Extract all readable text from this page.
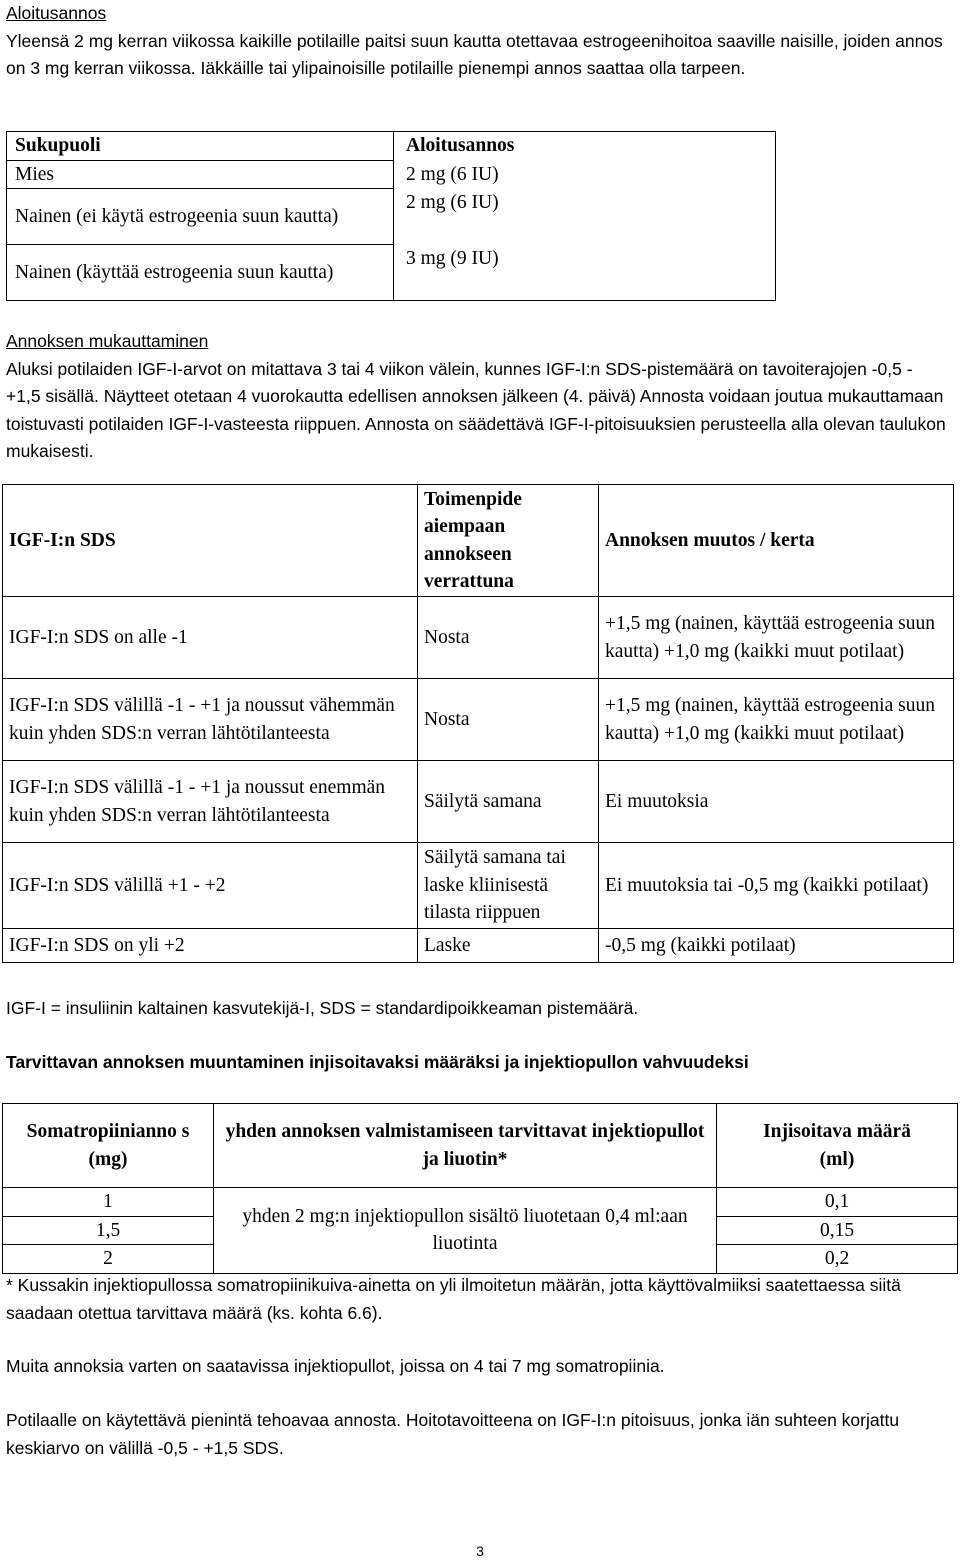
Aloitusannos
Yleensä 2 mg kerran viikossa kaikille potilaille paitsi suun kautta otettavaa estrogeenihoitoa saaville naisille, joiden annos on 3 mg kerran viikossa. Iäkkäille tai ylipainoisille potilaille pienempi annos saattaa olla tarpeen.
Sukupuoli	Aloitusannos
Mies	2 mg (6 IU)
Nainen (ei käytä estrogeenia suun kautta)	2 mg (6 IU)
Nainen (käyttää estrogeenia suun kautta)	3 mg (9 IU)
Annoksen mukauttaminen
Aluksi potilaiden IGF-I-arvot on mitattava 3 tai 4 viikon välein, kunnes IGF-I:n SDS-pistemäärä on tavoiterajojen -0,5 - +1,5 sisällä. Näytteet otetaan 4 vuorokautta edellisen annoksen jälkeen (4. päivä) Annosta voidaan joutua mukauttamaan toistuvasti potilaiden IGF-I-vasteesta riippuen. Annosta on säädettävä IGF-I-pitoisuuksien perusteella alla olevan taulukon mukaisesti.
IGF-I:n SDS	Toimenpide aiempaan annokseen verrattuna	Annoksen muutos / kerta
IGF-I:n SDS on alle -1	Nosta	+1,5 mg (nainen, käyttää estrogeenia suun kautta) +1,0 mg (kaikki muut potilaat)
IGF-I:n SDS välillä -1 - +1 ja noussut vähemmän kuin yhden SDS:n verran lähtötilanteesta	Nosta	+1,5 mg (nainen, käyttää estrogeenia suun kautta) +1,0 mg (kaikki muut potilaat)
IGF-I:n SDS välillä -1 - +1 ja noussut enemmän kuin yhden SDS:n verran lähtötilanteesta	Säilytä samana	Ei muutoksia
IGF-I:n SDS välillä +1 - +2	Säilytä samana tai laske kliinisestä tilasta riippuen	Ei muutoksia tai -0,5 mg (kaikki potilaat)
IGF-I:n SDS on yli +2	Laske	-0,5 mg (kaikki potilaat)
IGF-I = insuliinin kaltainen kasvutekijä-I, SDS = standardipoikkeaman pistemäärä.
Tarvittavan annoksen muuntaminen injisoitavaksi määräksi ja injektiopullon vahvuudeksi
Somatropiinianno s (mg)	yhden annoksen valmistamiseen tarvittavat injektiopullot ja liuotin*	Injisoitava määrä (ml)
1	yhden 2 mg:n injektiopullon sisältö liuotetaan 0,4 ml:aan liuotinta	0,1
1,5		0,15
2		0,2
* Kussakin injektiopullossa somatropiinikuiva-ainetta on yli ilmoitetun määrän, jotta käyttövalmiiksi saatettaessa siitä saadaan otettua tarvittava määrä (ks. kohta 6.6).
Muita annoksia varten on saatavissa injektiopullot, joissa on 4 tai 7 mg somatropiinia.
Potilaalle on käytettävä pienintä tehoavaa annosta. Hoitotavoitteena on IGF-I:n pitoisuus, jonka iän suhteen korjattu keskiarvo on välillä -0,5 - +1,5 SDS.
3
